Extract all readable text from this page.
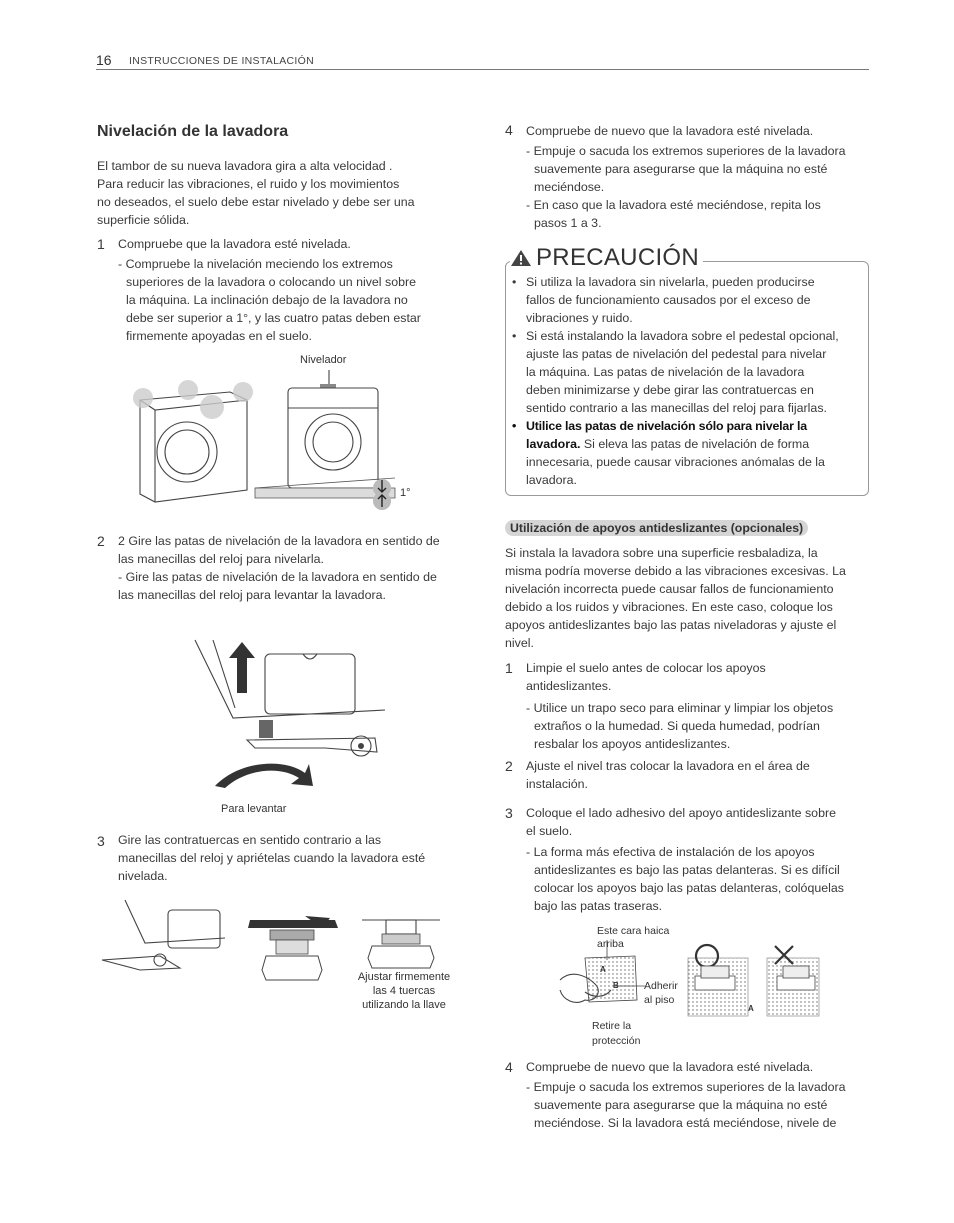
16 INSTRUCCIONES DE INSTALACIÓN
Nivelación de la lavadora
El tambor de su nueva lavadora gira a alta velocidad .
Para reducir las vibraciones, el ruido y los movimientos
no deseados, el suelo debe estar nivelado y debe ser una
superficie sólida.
1 Compruebe que la lavadora esté nivelada.
- Compruebe la nivelación meciendo los extremos
superiores de la lavadora o colocando un nivel sobre
la máquina. La inclinación debajo de la lavadora no
debe ser superior a 1°, y las cuatro patas deben estar
firmemente apoyadas en el suelo.
Nivelador
1°
2 2 Gire las patas de nivelación de la lavadora en sentido de
las manecillas del reloj para nivelarla.
- Gire las patas de nivelación de la lavadora en sentido de
las manecillas del reloj para levantar la lavadora.
Para levantar
3 Gire las contratuercas en sentido contrario a las
manecillas del reloj y apriételas cuando la lavadora esté
nivelada.
Ajustar firmemente
las 4 tuercas
utilizando la llave
4 Compruebe de nuevo que la lavadora esté nivelada.
- Empuje o sacuda los extremos superiores de la lavadora
suavemente para asegurarse que la máquina no esté
meciéndose.
- En caso que la lavadora esté meciéndose, repita los
pasos 1 a 3.
PRECAUCIÓN
• Si utiliza la lavadora sin nivelarla, pueden producirse
fallos de funcionamiento causados por el exceso de
vibraciones y ruido.
• Si está instalando la lavadora sobre el pedestal opcional,
ajuste las patas de nivelación del pedestal para nivelar
la máquina. Las patas de nivelación de la lavadora
deben minimizarse y debe girar las contratuercas en
sentido contrario a las manecillas del reloj para fijarlas.
• Utilice las patas de nivelación sólo para nivelar la
lavadora. Si eleva las patas de nivelación de forma
innecesaria, puede causar vibraciones anómalas de la
lavadora.
Utilización de apoyos antideslizantes (opcionales)
Si instala la lavadora sobre una superficie resbaladiza, la
misma podría moverse debido a las vibraciones excesivas. La
nivelación incorrecta puede causar fallos de funcionamiento
debido a los ruidos y vibraciones. En este caso, coloque los
apoyos antideslizantes bajo las patas niveladoras y ajuste el
nivel.
1 Limpie el suelo antes de colocar los apoyos
antideslizantes.
- Utilice un trapo seco para eliminar y limpiar los objetos
extraños o la humedad. Si queda humedad, podrían
resbalar los apoyos antideslizantes.
2 Ajuste el nivel tras colocar la lavadora en el área de
instalación.
3 Coloque el lado adhesivo del apoyo antideslizante sobre
el suelo.
- La forma más efectiva de instalación de los apoyos
antideslizantes es bajo las patas delanteras. Si es difícil
colocar los apoyos bajo las patas delanteras, colóquelas
bajo las patas traseras.
Este cara haica
arriba
A
B
A
Adherir
al piso
Retire la
protección
4 Compruebe de nuevo que la lavadora esté nivelada.
- Empuje o sacuda los extremos superiores de la lavadora
suavemente para asegurarse que la máquina no esté
meciéndose. Si la lavadora está meciéndose, nivele de
